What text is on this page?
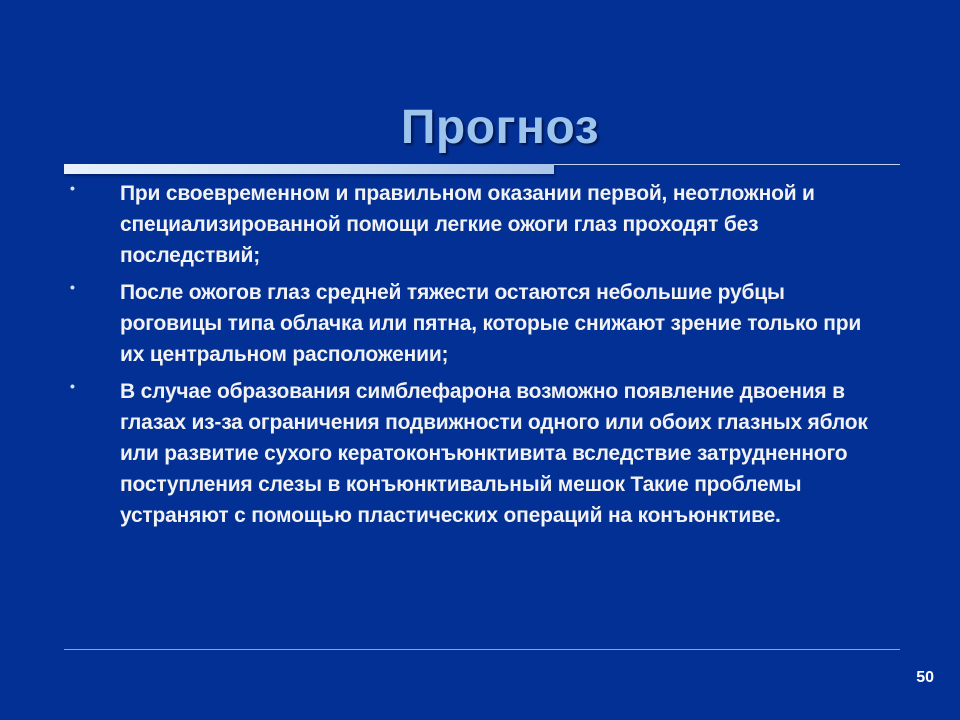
Прогноз
•	При своевременном и правильном оказании первой, неотложной и специализированной помощи легкие ожоги глаз проходят без последствий;
•	После ожогов глаз средней тяжести остаются небольшие рубцы роговицы типа облачка или пятна, которые снижают зрение только при их центральном расположении;
•	В случае образования симблефарона возможно появление двоения в глазах из-за ограничения подвижности одного или обоих глазных яблок или развитие сухого кератоконъюнктивита вследствие затрудненного поступления слезы в конъюнктивальный мешок Такие проблемы устраняют с помощью пластических операций на конъюнктиве.
50
